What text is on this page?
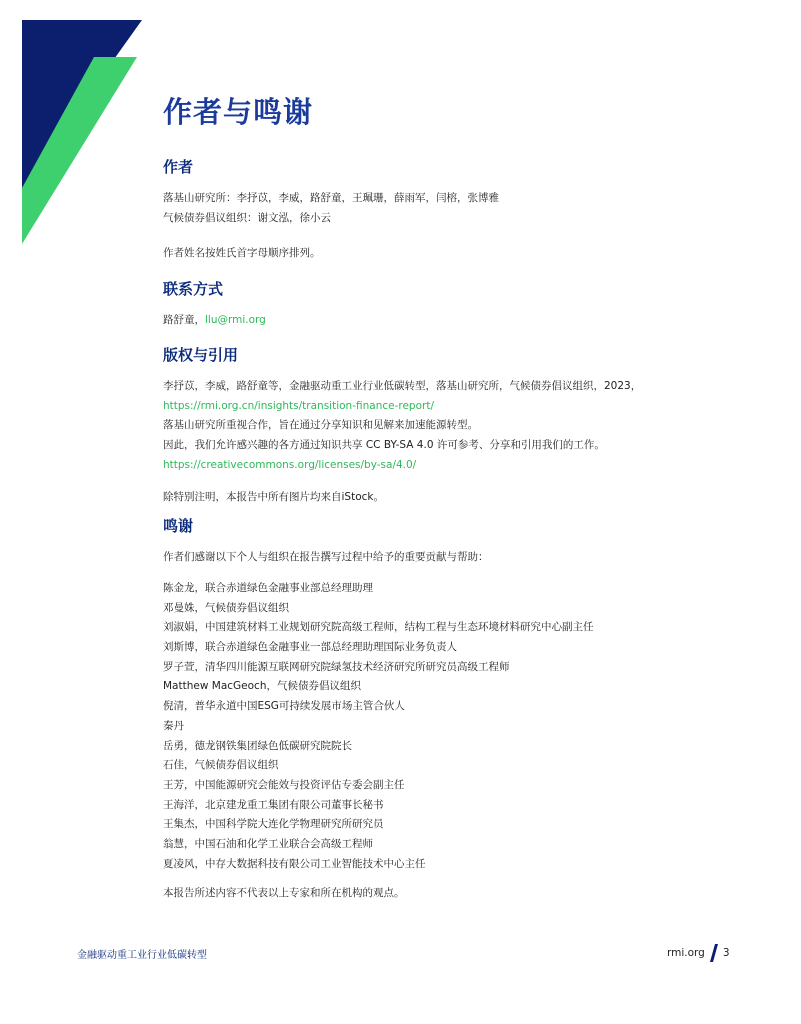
作者与鸣谢
作者
落基山研究所：李抒苡，李威，路舒童，王珮珊，薛雨军，闫榕，张博雅
气候债券倡议组织：谢文泓，徐小云
作者姓名按姓氏首字母顺序排列。
联系方式
路舒童，llu@rmi.org
版权与引用
李抒苡，李威，路舒童等，金融驱动重工业行业低碳转型，落基山研究所，气候债券倡议组织，2023，
https://rmi.org.cn/insights/transition-finance-report/
落基山研究所重视合作，旨在通过分享知识和见解来加速能源转型。
因此，我们允许感兴趣的各方通过知识共享 CC BY-SA 4.0 许可参考、分享和引用我们的工作。
https://creativecommons.org/licenses/by-sa/4.0/
除特别注明，本报告中所有图片均来自iStock。
鸣谢
作者们感谢以下个人与组织在报告撰写过程中给予的重要贡献与帮助：
陈金龙，联合赤道绿色金融事业部总经理助理
邓曼姝，气候债券倡议组织
刘淑娟，中国建筑材料工业规划研究院高级工程师，结构工程与生态环境材料研究中心副主任
刘斯博，联合赤道绿色金融事业一部总经理助理国际业务负责人
罗子萱，清华四川能源互联网研究院绿氢技术经济研究所研究员高级工程师
Matthew MacGeoch，气候债券倡议组织
倪清，普华永道中国ESG可持续发展市场主管合伙人
秦丹
岳勇，德龙钢铁集团绿色低碳研究院院长
石佳，气候债券倡议组织
王芳，中国能源研究会能效与投资评估专委会副主任
王海洋，北京建龙重工集团有限公司董事长秘书
王集杰，中国科学院大连化学物理研究所研究员
翁慧，中国石油和化学工业联合会高级工程师
夏凌风，中存大数据科技有限公司工业智能技术中心主任
本报告所述内容不代表以上专家和所在机构的观点。
金融驱动重工业行业低碳转型	rmi.org 3
